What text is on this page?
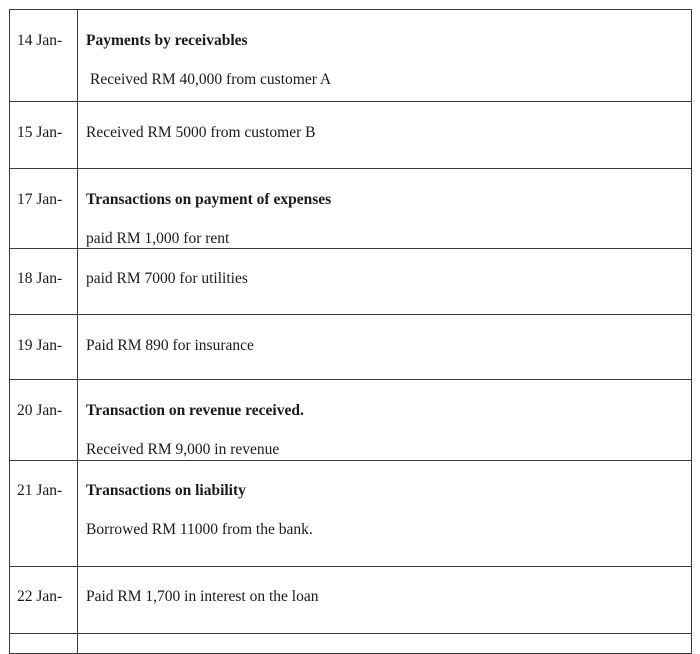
14 Jan-	Payments by receivables
Received RM 40,000 from customer A

15 Jan-	Received RM 5000 from customer B

17 Jan-	Transactions on payment of expenses
paid RM 1,000 for rent

18 Jan-	paid RM 7000 for utilities

19 Jan-	Paid RM 890 for insurance

20 Jan-	Transaction on revenue received.
Received RM 9,000 in revenue

21 Jan-	Transactions on liability
Borrowed RM 11000 from the bank.

22 Jan-	Paid RM 1,700 in interest on the loan
